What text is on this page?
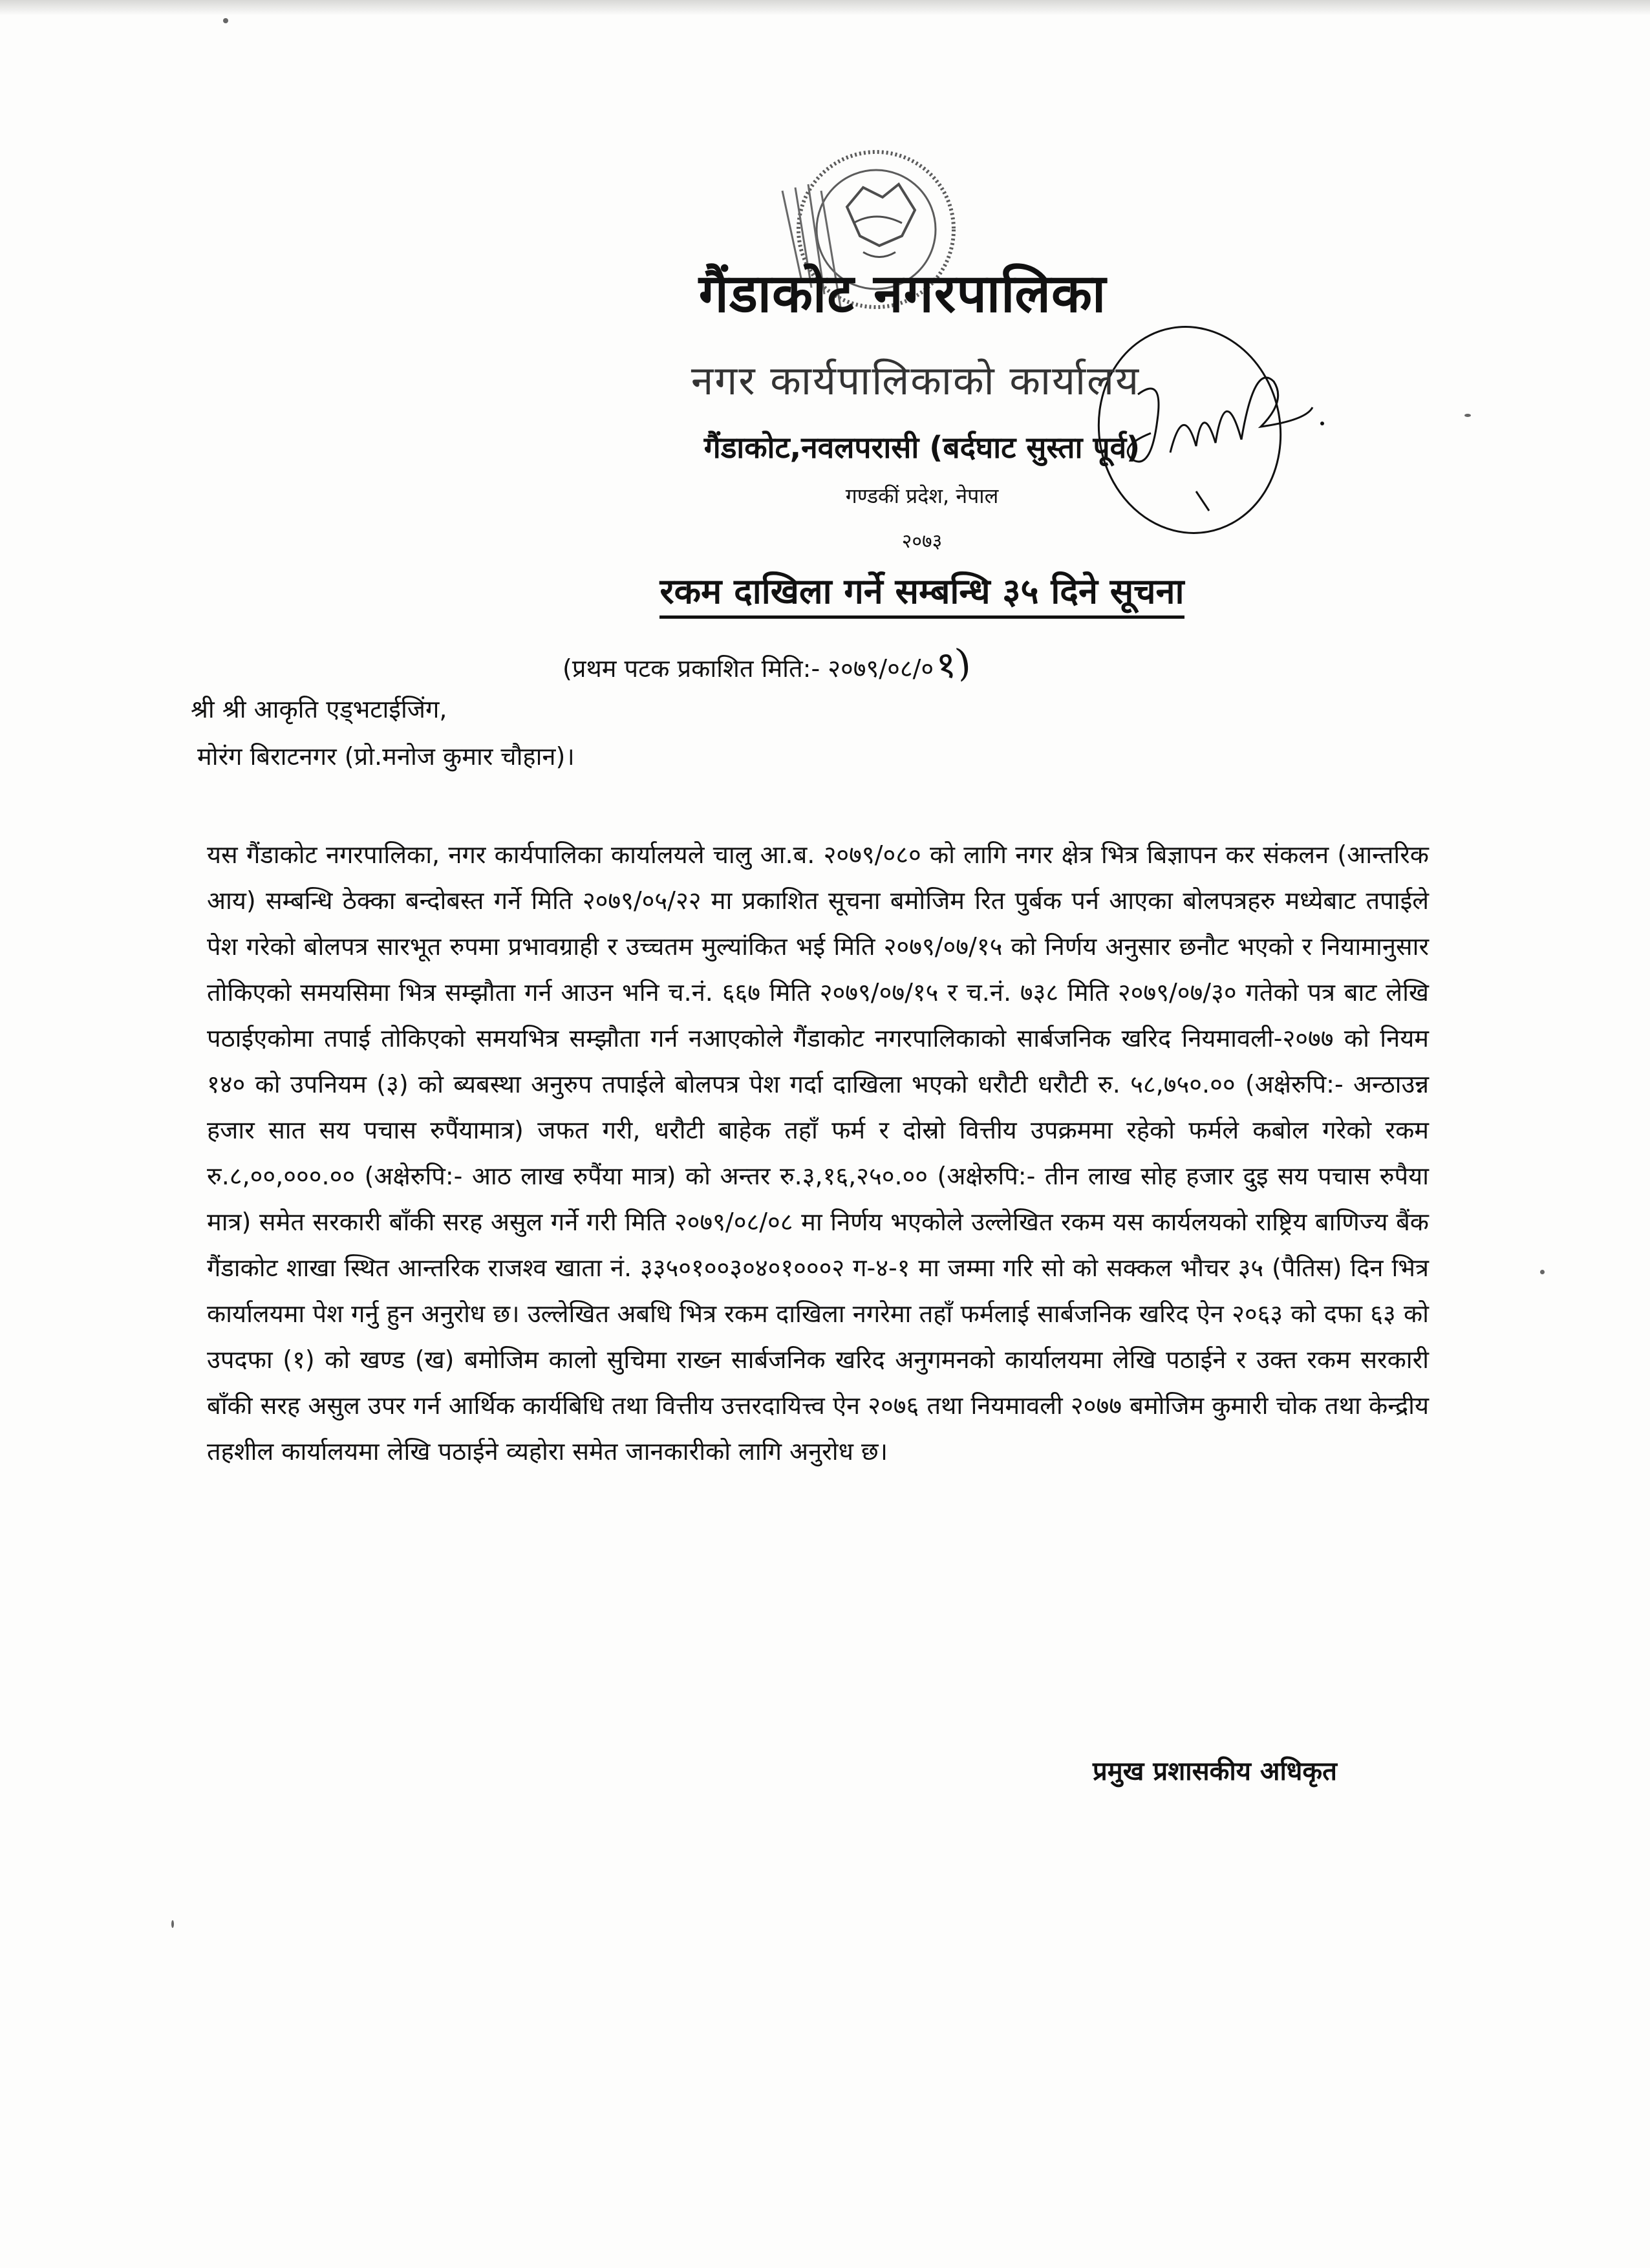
गैंडाकोट नगरपालिका
नगर कार्यपालिकाको कार्यालय
गैंडाकोट,नवलपरासी (बर्दघाट सुस्ता पूर्व)
गण्डकीं प्रदेश, नेपाल
२०७३
रकम दाखिला गर्ने सम्बन्धि ३५ दिने सूचना
(प्रथम पटक प्रकाशित मिति:- २०७९/०८/०१)
श्री श्री आकृति एड्भटाईजिंग,
मोरंग बिराटनगर (प्रो.मनोज कुमार चौहान)।

यस गैंडाकोट नगरपालिका, नगर कार्यपालिका कार्यालयले चालु आ.ब. २०७९/०८० को लागि नगर क्षेत्र भित्र बिज्ञापन कर संकलन (आन्तरिक आय) सम्बन्धि ठेक्का बन्दोबस्त गर्ने मिति २०७९/०५/२२ मा प्रकाशित सूचना बमोजिम रित पुर्बक पर्न आएका बोलपत्रहरु मध्येबाट तपाईले पेश गरेको बोलपत्र सारभूत रुपमा प्रभावग्राही र उच्चतम मुल्यांकित भई मिति २०७९/०७/१५ को निर्णय अनुसार छनौट भएको र नियामानुसार तोकिएको समयसिमा भित्र सम्झौता गर्न आउन भनि च.नं. ६६७ मिति २०७९/०७/१५ र च.नं. ७३८ मिति २०७९/०७/३० गतेको पत्र बाट लेखि पठाईएकोमा तपाई तोकिएको समयभित्र सम्झौता गर्न नआएकोले गैंडाकोट नगरपालिकाको सार्बजनिक खरिद नियमावली-२०७७ को नियम १४० को उपनियम (३) को ब्यबस्था अनुरुप तपाईले बोलपत्र पेश गर्दा दाखिला भएको धरौटी धरौटी रु. ५८,७५०.०० (अक्षेरुपि:- अन्ठाउन्न हजार सात सय पचास रुपैंयामात्र) जफत गरी, धरौटी बाहेक तहाँ फर्म र दोस्रो वित्तीय उपक्रममा रहेको फर्मले कबोल गरेको रकम रु.८,००,०००.०० (अक्षेरुपि:- आठ लाख रुपैंया मात्र) को अन्तर रु.३,१६,२५०.०० (अक्षेरुपि:- तीन लाख सोह हजार दुइ सय पचास रुपैया मात्र) समेत सरकारी बाँकी सरह असुल गर्ने गरी मिति २०७९/०८/०८ मा निर्णय भएकोले उल्लेखित रकम यस कार्यलयको राष्ट्रिय बाणिज्य बैंक गैंडाकोट शाखा स्थित आन्तरिक राजश्व खाता नं. ३३५०१००३०४०१०००२ ग-४-१ मा जम्मा गरि सो को सक्कल भौचर ३५ (पैतिस) दिन भित्र कार्यालयमा पेश गर्नु हुन अनुरोध छ। उल्लेखित अबधि भित्र रकम दाखिला नगरेमा तहाँ फर्मलाई सार्बजनिक खरिद ऐन २०६३ को दफा ६३ को उपदफा (१) को खण्ड (ख) बमोजिम कालो सुचिमा राख्न सार्बजनिक खरिद अनुगमनको कार्यालयमा लेखि पठाईने र उक्त रकम सरकारी बाँकी सरह असुल उपर गर्न आर्थिक कार्यबिधि तथा वित्तीय उत्तरदायित्त्व ऐन २०७६ तथा नियमावली २०७७ बमोजिम कुमारी चोक तथा केन्द्रीय तहशील कार्यालयमा लेखि पठाईने व्यहोरा समेत जानकारीको लागि अनुरोध छ।

प्रमुख प्रशासकीय अधिकृत
